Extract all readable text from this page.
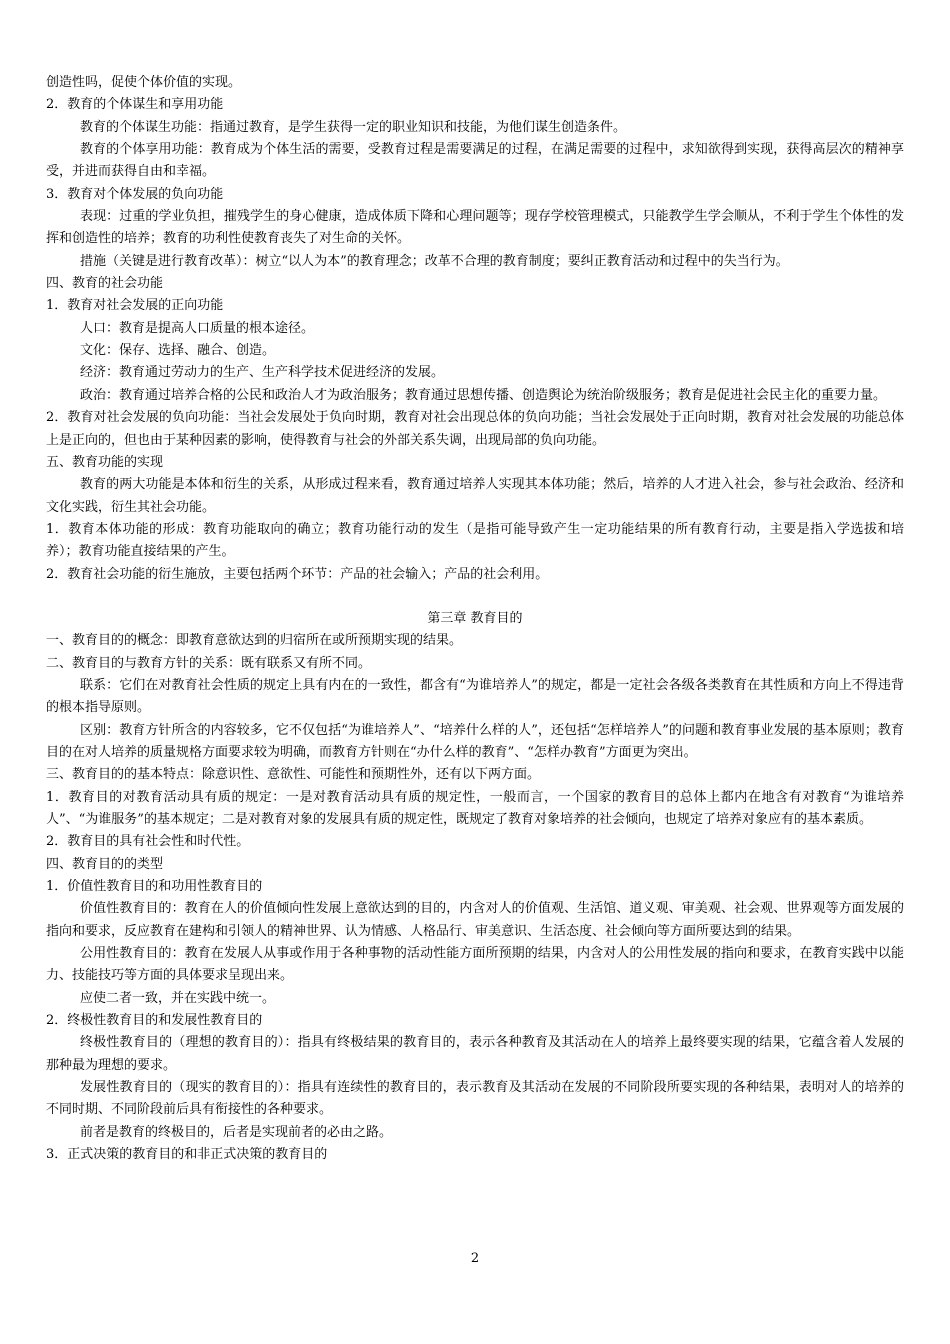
创造性吗，促使个体价值的实现。

2．教育的个体谋生和享用功能

教育的个体谋生功能：指通过教育，是学生获得一定的职业知识和技能，为他们谋生创造条件。

教育的个体享用功能：教育成为个体生活的需要，受教育过程是需要满足的过程，在满足需要的过程中，求知欲得到实现，获得高层次的精神享受，并进而获得自由和幸福。

3．教育对个体发展的负向功能

表现：过重的学业负担，摧残学生的身心健康，造成体质下降和心理问题等；现存学校管理模式，只能教学生学会顺从，不利于学生个体性的发挥和创造性的培养；教育的功利性使教育丧失了对生命的关怀。

措施（关键是进行教育改革）：树立“以人为本”的教育理念；改革不合理的教育制度；要纠正教育活动和过程中的失当行为。

四、教育的社会功能

1．教育对社会发展的正向功能

人口：教育是提高人口质量的根本途径。

文化：保存、选择、融合、创造。

经济：教育通过劳动力的生产、生产科学技术促进经济的发展。

政治：教育通过培养合格的公民和政治人才为政治服务；教育通过思想传播、创造舆论为统治阶级服务；教育是促进社会民主化的重要力量。

2．教育对社会发展的负向功能：当社会发展处于负向时期，教育对社会出现总体的负向功能；当社会发展处于正向时期，教育对社会发展的功能总体上是正向的，但也由于某种因素的影响，使得教育与社会的外部关系失调，出现局部的负向功能。

五、教育功能的实现

教育的两大功能是本体和衍生的关系，从形成过程来看，教育通过培养人实现其本体功能；然后，培养的人才进入社会，参与社会政治、经济和文化实践，衍生其社会功能。

1．教育本体功能的形成：教育功能取向的确立；教育功能行动的发生（是指可能导致产生一定功能结果的所有教育行动，主要是指入学选拔和培养）；教育功能直接结果的产生。

2．教育社会功能的衍生施放，主要包括两个环节：产品的社会输入；产品的社会利用。

第三章 教育目的

一、教育目的的概念：即教育意欲达到的归宿所在或所预期实现的结果。

二、教育目的与教育方针的关系：既有联系又有所不同。

联系：它们在对教育社会性质的规定上具有内在的一致性，都含有“为谁培养人”的规定，都是一定社会各级各类教育在其性质和方向上不得违背的根本指导原则。

区别：教育方针所含的内容较多，它不仅包括“为谁培养人”、“培养什么样的人”，还包括“怎样培养人”的问题和教育事业发展的基本原则；教育目的在对人培养的质量规格方面要求较为明确，而教育方针则在“办什么样的教育”、“怎样办教育”方面更为突出。

三、教育目的的基本特点：除意识性、意欲性、可能性和预期性外，还有以下两方面。

1．教育目的对教育活动具有质的规定：一是对教育活动具有质的规定性，一般而言，一个国家的教育目的总体上都内在地含有对教育“为谁培养人”、“为谁服务”的基本规定；二是对教育对象的发展具有质的规定性，既规定了教育对象培养的社会倾向，也规定了培养对象应有的基本素质。

2．教育目的具有社会性和时代性。

四、教育目的的类型

1．价值性教育目的和功用性教育目的

价值性教育目的：教育在人的价值倾向性发展上意欲达到的目的，内含对人的价值观、生活馆、道义观、审美观、社会观、世界观等方面发展的指向和要求，反应教育在建构和引领人的精神世界、认为情感、人格品行、审美意识、生活态度、社会倾向等方面所要达到的结果。

公用性教育目的：教育在发展人从事或作用于各种事物的活动性能方面所预期的结果，内含对人的公用性发展的指向和要求，在教育实践中以能力、技能技巧等方面的具体要求呈现出来。

应使二者一致，并在实践中统一。

2．终极性教育目的和发展性教育目的

终极性教育目的（理想的教育目的）：指具有终极结果的教育目的，表示各种教育及其活动在人的培养上最终要实现的结果，它蕴含着人发展的那种最为理想的要求。

发展性教育目的（现实的教育目的）：指具有连续性的教育目的，表示教育及其活动在发展的不同阶段所要实现的各种结果，表明对人的培养的不同时期、不同阶段前后具有衔接性的各种要求。

前者是教育的终极目的，后者是实现前者的必由之路。

3．正式决策的教育目的和非正式决策的教育目的

2
